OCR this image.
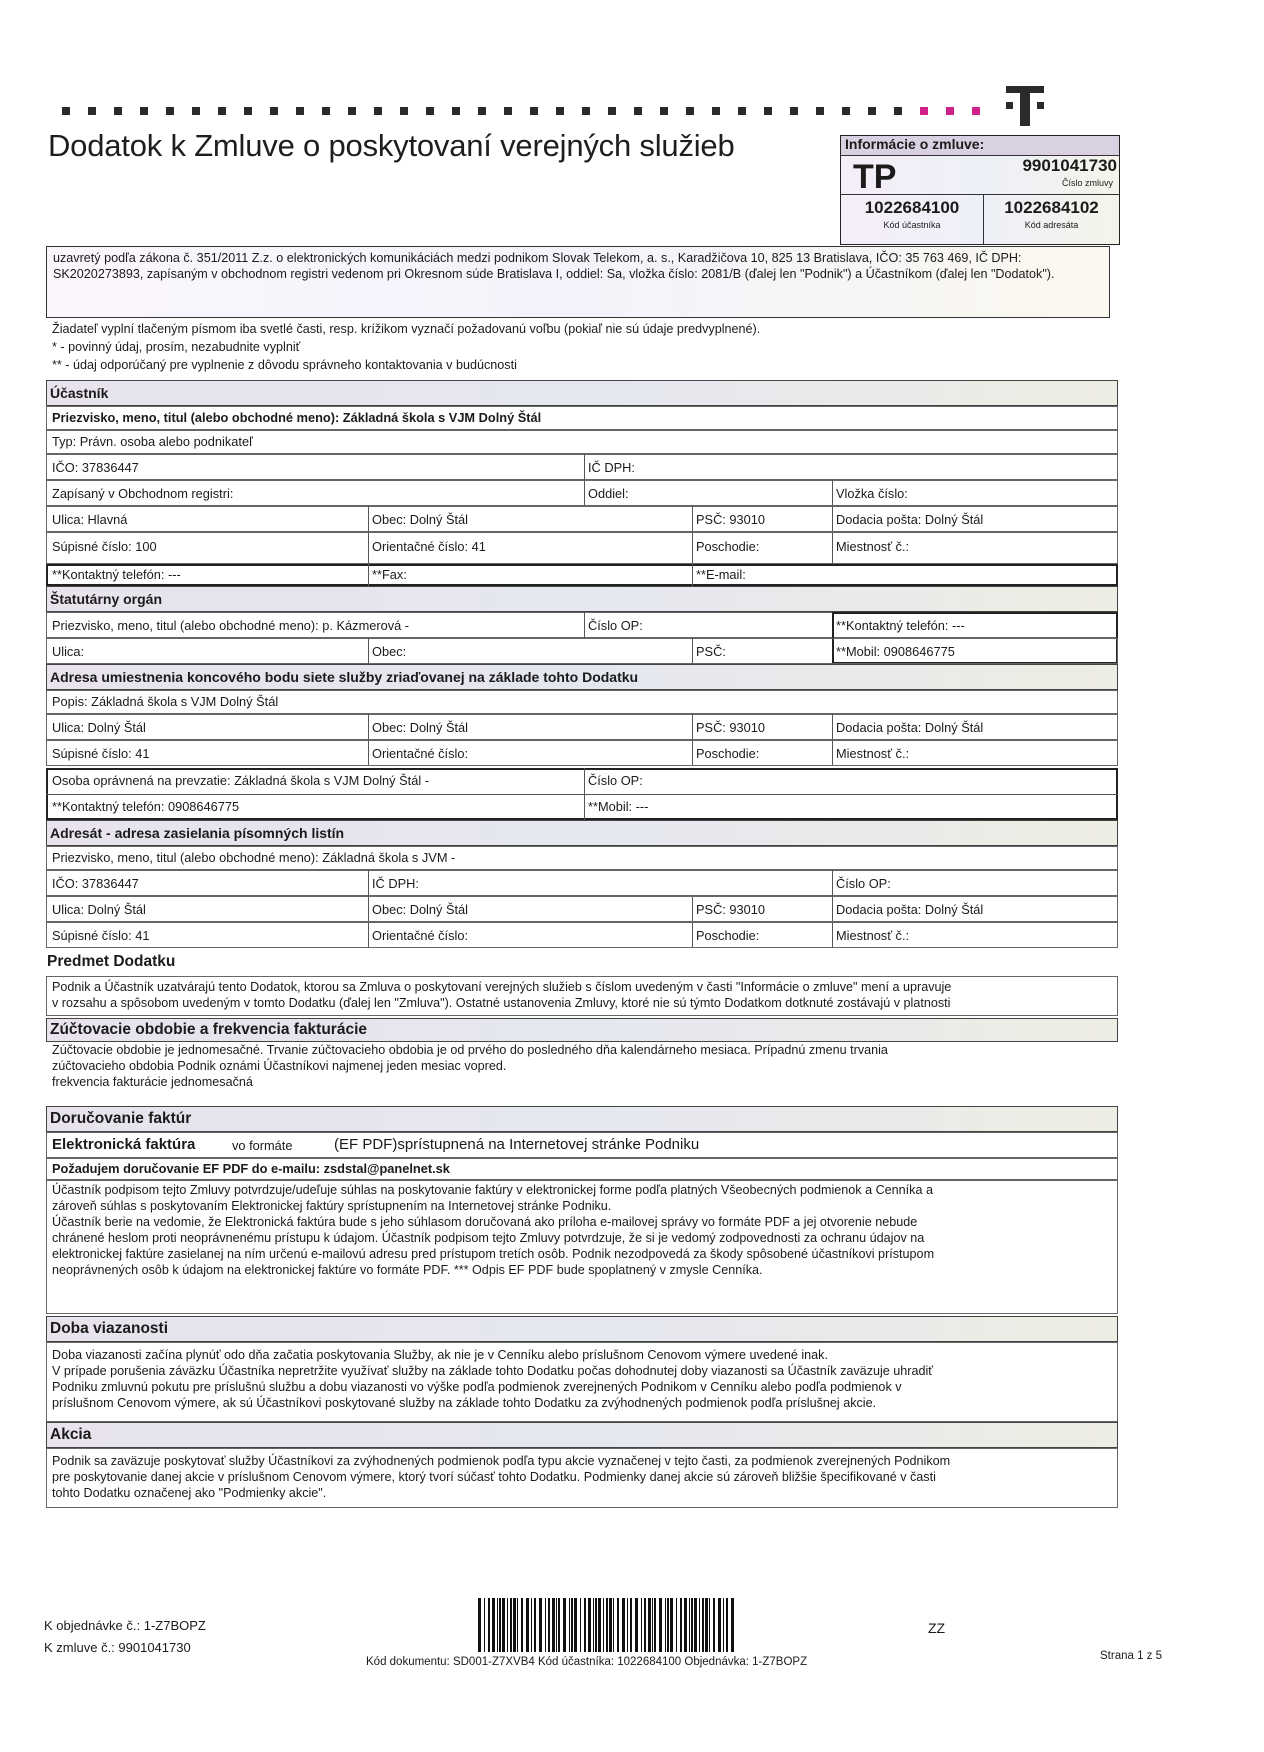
Dodatok k Zmluve o poskytovaní verejných služieb	Informácie o zmluve:
TP	9901041730
Číslo zmluvy
1022684100
Kód účastníka
1022684102
Kód adresáta
uzavretý podľa zákona č. 351/2011 Z.z. o elektronických komunikáciách medzi podnikom Slovak Telekom, a. s., Karadžičova 10, 825 13 Bratislava, IČO: 35 763 469, IČ DPH: SK2020273893, zapísaným v obchodnom registri vedenom pri Okresnom súde Bratislava I, oddiel: Sa, vložka číslo: 2081/B (ďalej len "Podnik") a Účastníkom (ďalej len "Dodatok").
Žiadateľ vyplní tlačeným písmom iba svetlé časti, resp. krížikom vyznačí požadovanú voľbu (pokiaľ nie sú údaje predvyplnené).
* - povinný údaj, prosím, nezabudnite vyplniť
** - údaj odporúčaný pre vyplnenie z dôvodu správneho kontaktovania v budúcnosti
Účastník
Priezvisko, meno, titul (alebo obchodné meno): Základná škola s VJM Dolný Štál
Typ: Právn. osoba alebo podnikateľ
IČO: 37836447	IČ DPH:
Zapísaný v Obchodnom registri:	Oddiel:	Vložka číslo:
Ulica: Hlavná	Obec: Dolný Štál	PSČ: 93010	Dodacia pošta: Dolný Štál
Súpisné číslo: 100	Orientačné číslo: 41	Poschodie:	Miestnosť č.:
**Kontaktný telefón: ---	**Fax:	**E-mail:
Štatutárny orgán
Priezvisko, meno, titul (alebo obchodné meno): p. Kázmerová -	Číslo OP:	**Kontaktný telefón: ---
Ulica:	Obec:	PSČ:	**Mobil: 0908646775
Adresa umiestnenia koncového bodu siete služby zriaďovanej na základe tohto Dodatku
Popis: Základná škola s VJM Dolný Štál
Ulica: Dolný Štál	Obec: Dolný Štál	PSČ: 93010	Dodacia pošta: Dolný Štál
Súpisné číslo: 41	Orientačné číslo:	Poschodie:	Miestnosť č.:
Osoba oprávnená na prevzatie: Základná škola s VJM Dolný Štál -	Číslo OP:
**Kontaktný telefón: 0908646775	**Mobil: ---
Adresát - adresa zasielania písomných listín
Priezvisko, meno, titul (alebo obchodné meno): Základná škola s JVM -
IČO: 37836447	IČ DPH:	Číslo OP:
Ulica: Dolný Štál	Obec: Dolný Štál	PSČ: 93010	Dodacia pošta: Dolný Štál
Súpisné číslo: 41	Orientačné číslo:	Poschodie:	Miestnosť č.:
Predmet Dodatku
Podnik a Účastník uzatvárajú tento Dodatok, ktorou sa Zmluva o poskytovaní verejných služieb s číslom uvedeným v časti "Informácie o zmluve" mení a upravuje
v rozsahu a spôsobom uvedeným v tomto Dodatku (ďalej len "Zmluva"). Ostatné ustanovenia Zmluvy, ktoré nie sú týmto Dodatkom dotknuté zostávajú v platnosti
Zúčtovacie obdobie a frekvencia fakturácie
Zúčtovacie obdobie je jednomesačné. Trvanie zúčtovacieho obdobia je od prvého do posledného dňa kalendárneho mesiaca. Prípadnú zmenu trvania
zúčtovacieho obdobia Podnik oznámi Účastníkovi najmenej jeden mesiac vopred.
frekvencia fakturácie jednomesačná
Doručovanie faktúr
Elektronická faktúra	vo formáte	(EF PDF)sprístupnená na Internetovej stránke Podniku
Požadujem doručovanie EF PDF do e-mailu: zsdstal@panelnet.sk
Účastník podpisom tejto Zmluvy potvrdzuje/udeľuje súhlas na poskytovanie faktúry v elektronickej forme podľa platných Všeobecných podmienok a Cenníka a
zároveň súhlas s poskytovaním Elektronickej faktúry sprístupnením na Internetovej stránke Podniku.
Účastník berie na vedomie, že Elektronická faktúra bude s jeho súhlasom doručovaná ako príloha e-mailovej správy vo formáte PDF a jej otvorenie nebude
chránené heslom proti neoprávnenému prístupu k údajom. Účastník podpisom tejto Zmluvy potvrdzuje, že si je vedomý zodpovednosti za ochranu údajov na
elektronickej faktúre zasielanej na ním určenú e-mailovú adresu pred prístupom tretích osôb. Podnik nezodpovedá za škody spôsobené účastníkovi prístupom
neoprávnených osôb k údajom na elektronickej faktúre vo formáte PDF. *** Odpis EF PDF bude spoplatnený v zmysle Cenníka.
Doba viazanosti
Doba viazanosti začína plynúť odo dňa začatia poskytovania Služby, ak nie je v Cenníku alebo príslušnom Cenovom výmere uvedené inak.
V prípade porušenia záväzku Účastníka nepretržite využívať služby na základe tohto Dodatku počas dohodnutej doby viazanosti sa Účastník zaväzuje uhradiť
Podniku zmluvnú pokutu pre príslušnú službu a dobu viazanosti vo výške podľa podmienok zverejnených Podnikom v Cenníku alebo podľa podmienok v
príslušnom Cenovom výmere, ak sú Účastníkovi poskytované služby na základe tohto Dodatku za zvýhodnených podmienok podľa príslušnej akcie.
Akcia
Podnik sa zaväzuje poskytovať služby Účastníkovi za zvýhodnených podmienok podľa typu akcie vyznačenej v tejto časti, za podmienok zverejnených Podnikom
pre poskytovanie danej akcie v príslušnom Cenovom výmere, ktorý tvorí súčasť tohto Dodatku. Podmienky danej akcie sú zároveň bližšie špecifikované v časti
tohto Dodatku označenej ako "Podmienky akcie".
K objednávke č.: 1-Z7BOPZ
K zmluve č.: 9901041730
Kód dokumentu: SD001-Z7XVB4 Kód účastníka: 1022684100 Objednávka: 1-Z7BOPZ
ZZ
Strana 1 z 5
